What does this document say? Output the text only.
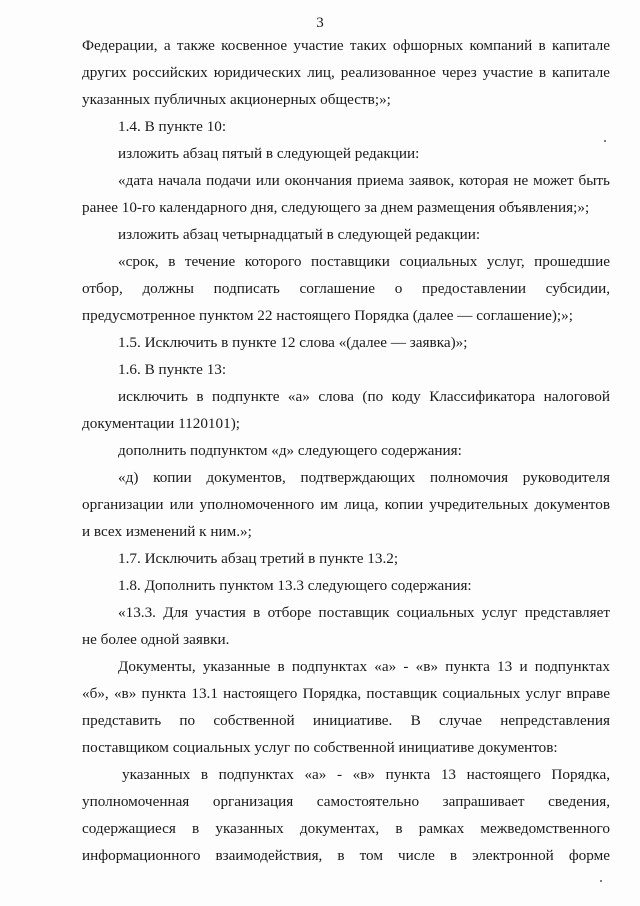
3
Федерации, а также косвенное участие таких офшорных компаний в капитале
других российских юридических лиц, реализованное через участие в капитале
указанных публичных акционерных обществ;»;
1.4. В пункте 10:
изложить абзац пятый в следующей редакции:
«дата начала подачи или окончания приема заявок, которая не может быть
ранее 10-го календарного дня, следующего за днем размещения объявления;»;
изложить абзац четырнадцатый в следующей редакции:
«срок, в течение которого поставщики социальных услуг, прошедшие
отбор, должны подписать соглашение о предоставлении субсидии,
предусмотренное пунктом 22 настоящего Порядка (далее — соглашение);»;
1.5. Исключить в пункте 12 слова «(далее — заявка)»;
1.6. В пункте 13:
исключить в подпункте «а» слова (по коду Классификатора налоговой
документации 1120101);
дополнить подпунктом «д» следующего содержания:
«д) копии документов, подтверждающих полномочия руководителя
организации или уполномоченного им лица, копии учредительных документов
и всех изменений к ним.»;
1.7. Исключить абзац третий в пункте 13.2;
1.8. Дополнить пунктом 13.3 следующего содержания:
«13.3. Для участия в отборе поставщик социальных услуг представляет
не более одной заявки.
Документы, указанные в подпунктах «а» - «в» пункта 13 и подпунктах
«б», «в» пункта 13.1 настоящего Порядка, поставщик социальных услуг вправе
представить по собственной инициативе. В случае непредставления
поставщиком социальных услуг по собственной инициативе документов:
указанных в подпунктах «а» - «в» пункта 13 настоящего Порядка,
уполномоченная организация самостоятельно запрашивает сведения,
содержащиеся в указанных документах, в рамках межведомственного
информационного взаимодействия, в том числе в электронной форме
